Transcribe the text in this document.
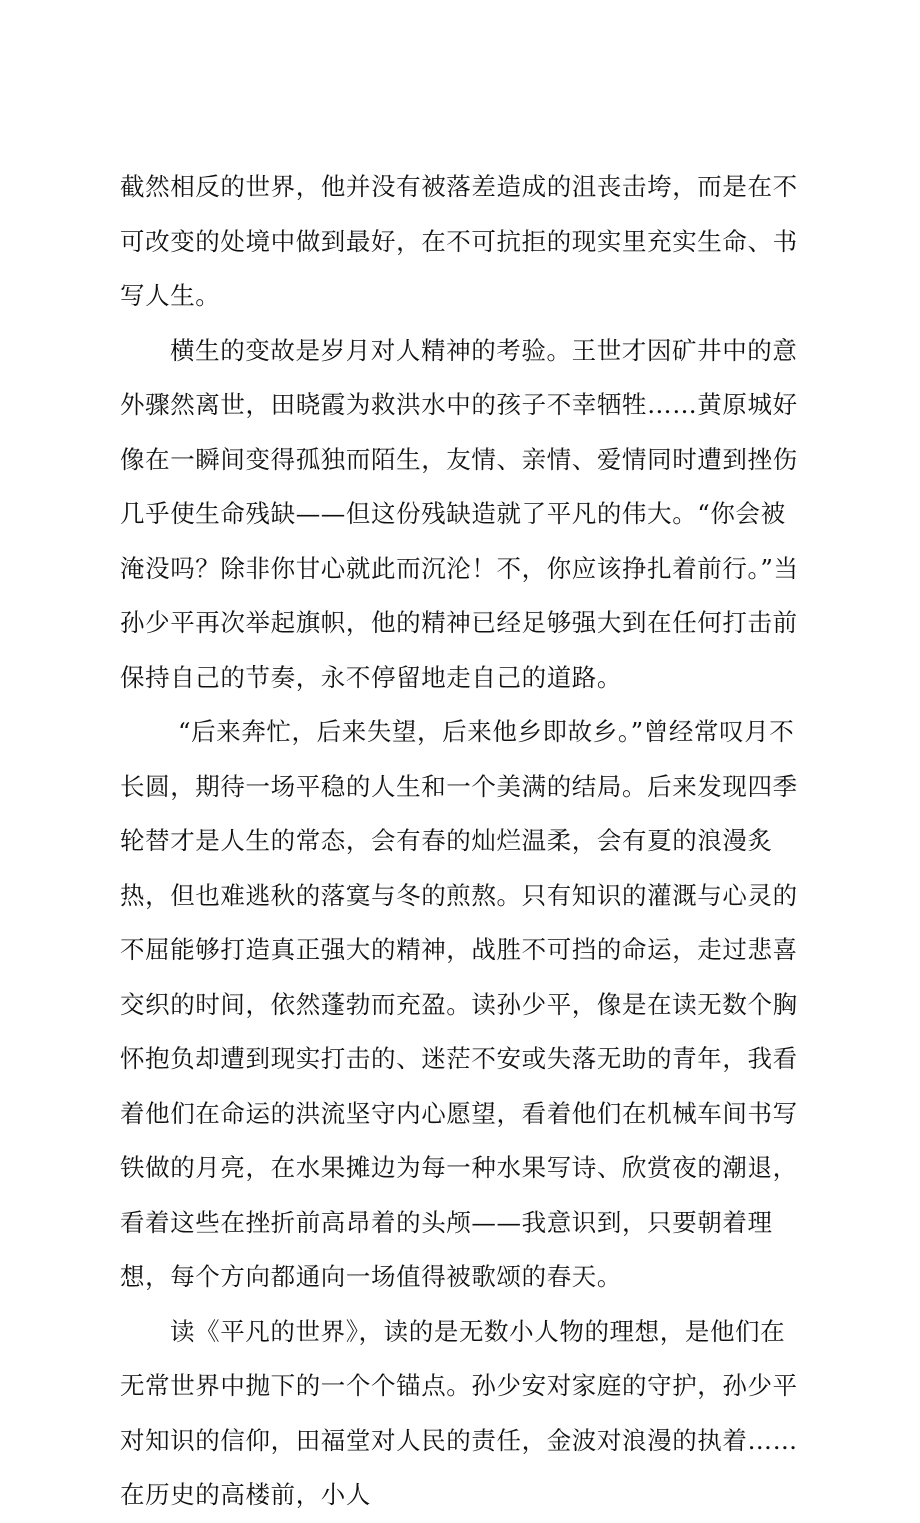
截然相反的世界，他并没有被落差造成的沮丧击垮，而是在不可改变的处境中做到最好，在不可抗拒的现实里充实生命、书写人生。

横生的变故是岁月对人精神的考验。王世才因矿井中的意外骤然离世，田晓霞为救洪水中的孩子不幸牺牲……黄原城好像在一瞬间变得孤独而陌生，友情、亲情、爱情同时遭到挫伤几乎使生命残缺——但这份残缺造就了平凡的伟大。“你会被淹没吗？除非你甘心就此而沉沦！不，你应该挣扎着前行。”当孙少平再次举起旗帜，他的精神已经足够强大到在任何打击前保持自己的节奏，永不停留地走自己的道路。

“后来奔忙，后来失望，后来他乡即故乡。”曾经常叹月不长圆，期待一场平稳的人生和一个美满的结局。后来发现四季轮替才是人生的常态，会有春的灿烂温柔，会有夏的浪漫炙热，但也难逃秋的落寞与冬的煎熬。只有知识的灌溉与心灵的不屈能够打造真正强大的精神，战胜不可挡的命运，走过悲喜交织的时间，依然蓬勃而充盈。读孙少平，像是在读无数个胸怀抱负却遭到现实打击的、迷茫不安或失落无助的青年，我看着他们在命运的洪流坚守内心愿望，看着他们在机械车间书写铁做的月亮，在水果摊边为每一种水果写诗、欣赏夜的潮退，看着这些在挫折前高昂着的头颅——我意识到，只要朝着理想，每个方向都通向一场值得被歌颂的春天。

读《平凡的世界》，读的是无数小人物的理想，是他们在无常世界中抛下的一个个锚点。孙少安对家庭的守护，孙少平对知识的信仰，田福堂对人民的责任，金波对浪漫的执着……在历史的高楼前，小人
